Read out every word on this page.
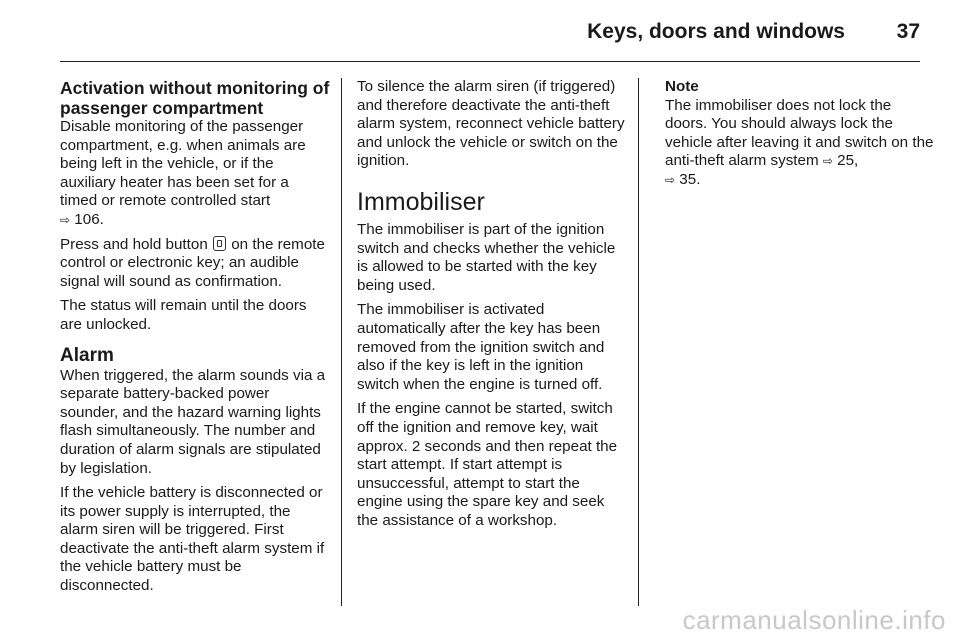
Keys, doors and windows 37
Activation without monitoring of passenger compartment

Disable monitoring of the passenger compartment, e.g. when animals are being left in the vehicle, or if the auxiliary heater has been set for a timed or remote controlled start
⇨ 106.

Press and hold button on the remote control or electronic key; an audible signal will sound as confirmation.

The status will remain until the doors are unlocked.

Alarm

When triggered, the alarm sounds via a separate battery-backed power sounder, and the hazard warning lights flash simultaneously. The number and duration of alarm signals are stipulated by legislation.

If the vehicle battery is disconnected or its power supply is interrupted, the alarm siren will be triggered. First deactivate the anti-theft alarm system if the vehicle battery must be disconnected.

To silence the alarm siren (if triggered) and therefore deactivate the anti-theft alarm system, reconnect vehicle battery and unlock the vehicle or switch on the ignition.

Immobiliser

The immobiliser is part of the ignition switch and checks whether the vehicle is allowed to be started with the key being used.

The immobiliser is activated automatically after the key has been removed from the ignition switch and also if the key is left in the ignition switch when the engine is turned off.

If the engine cannot be started, switch off the ignition and remove key, wait approx. 2 seconds and then repeat the start attempt. If start attempt is unsuccessful, attempt to start the engine using the spare key and seek the assistance of a workshop.

Note

The immobiliser does not lock the doors. You should always lock the vehicle after leaving it and switch on the anti-theft alarm system ⇨ 25,
⇨ 35.

carmanualsonline.info
